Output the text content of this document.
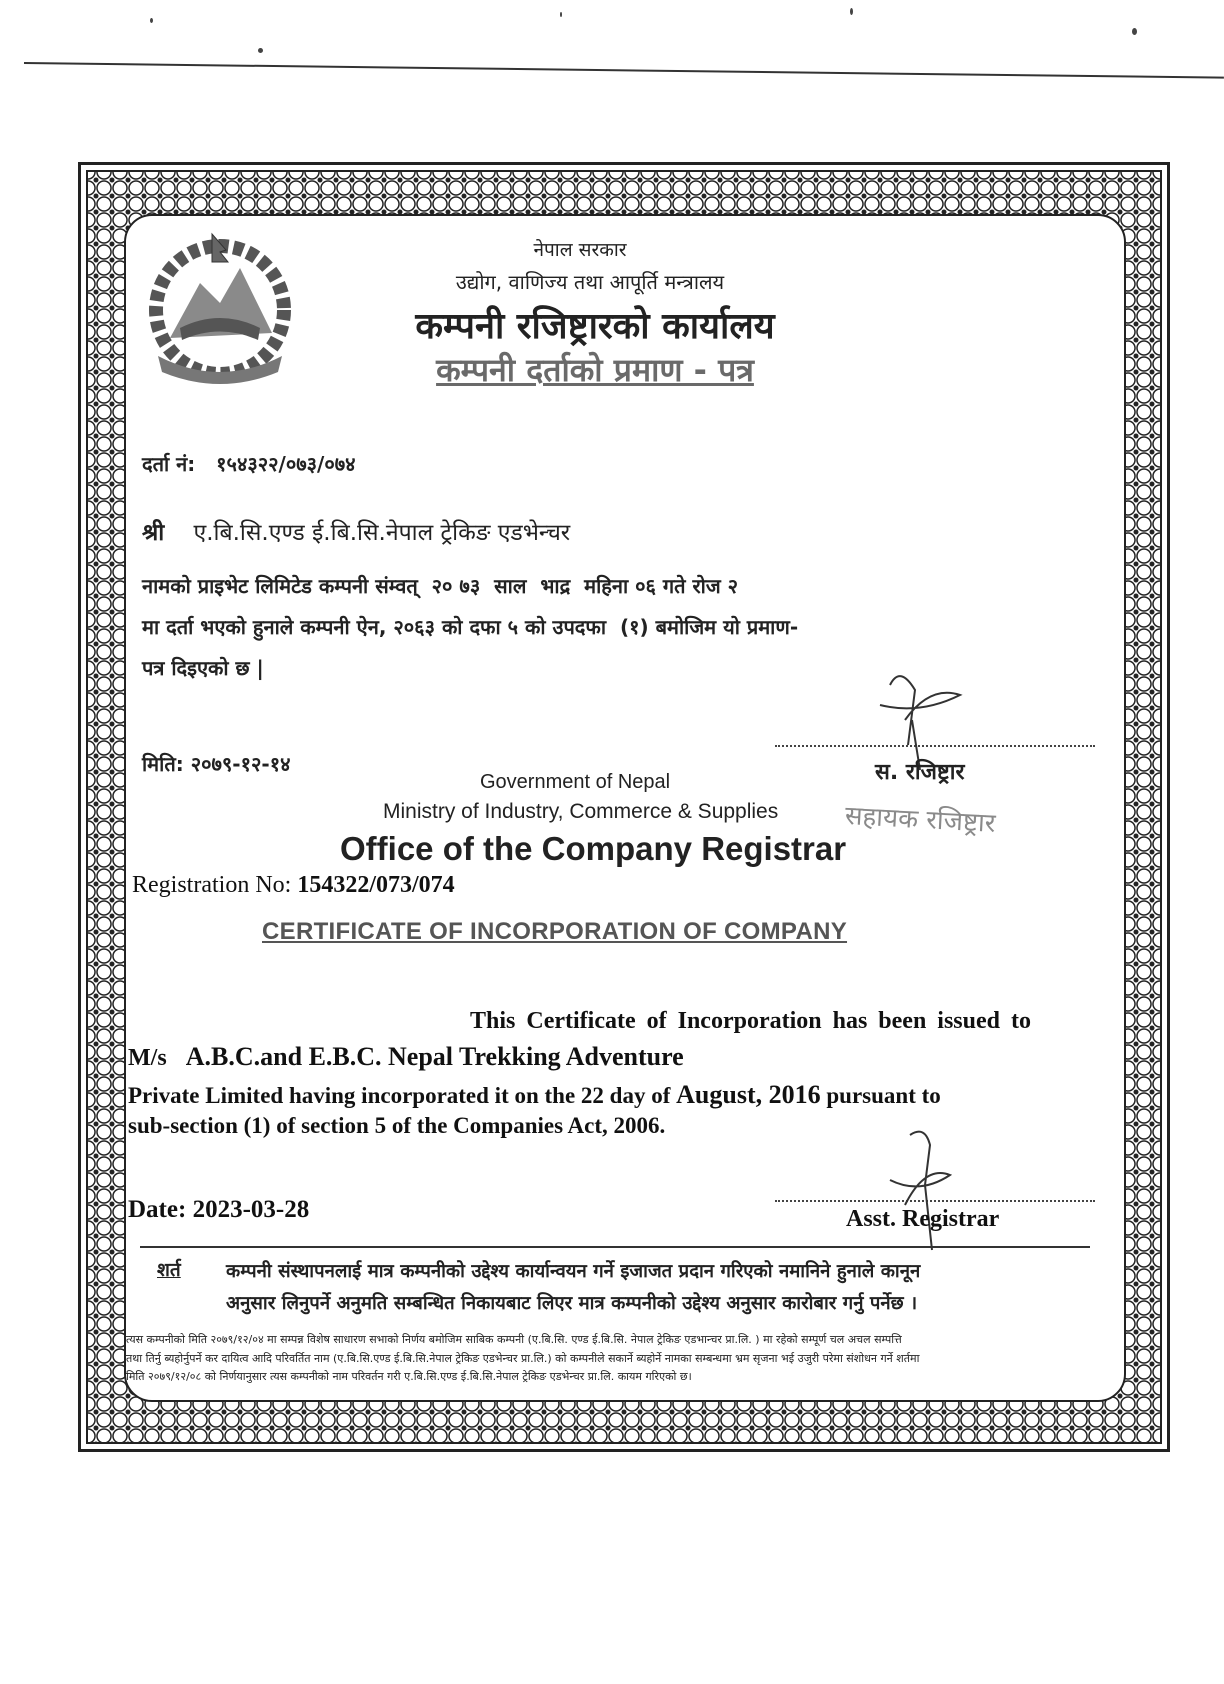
नेपाल सरकार
उद्योग, वाणिज्य तथा आपूर्ति मन्त्रालय
कम्पनी रजिष्ट्रारको कार्यालय
कम्पनी दर्ताको प्रमाण - पत्र
दर्ता नं: १५४३२२/०७३/०७४
श्री ए.बि.सि.एण्ड ई.बि.सि.नेपाल ट्रेकिङ एडभेन्चर
नामको प्राइभेट लिमिटेड कम्पनी संम्वत्  २० ७३  साल  भाद्र  महिना ०६ गते रोज २
मा दर्ता भएको हुनाले कम्पनी ऐन, २०६३ को दफा ५ को उपदफा  (१) बमोजिम यो प्रमाण-
पत्र दिइएको छ |
मिति: २०७९-१२-१४	स. रजिष्ट्रार
सहायक रजिष्ट्रार
Government of Nepal
Ministry of Industry, Commerce & Supplies
Office of the Company Registrar
Registration No: 154322/073/074
CERTIFICATE OF INCORPORATION OF COMPANY
This Certificate of Incorporation has been issued to
M/s A.B.C.and E.B.C. Nepal Trekking Adventure
Private Limited having incorporated it on the 22 day of August, 2016 pursuant to
sub-section (1) of section 5 of the Companies Act, 2006.
Date: 2023-03-28	Asst. Registrar
शर्त कम्पनी संस्थापनलाई मात्र कम्पनीको उद्देश्य कार्यान्वयन गर्ने इजाजत प्रदान गरिएको नमानिने हुनाले कानून
अनुसार लिनुपर्ने अनुमति सम्बन्धित निकायबाट लिएर मात्र कम्पनीको उद्देश्य अनुसार कारोबार गर्नु पर्नेछ ।
त्यस कम्पनीको मिति २०७९/१२/०४ मा सम्पन्न विशेष साधारण सभाको निर्णय बमोजिम साबिक कम्पनी (ए.बि.सि. एण्ड ई.बि.सि. नेपाल ट्रेकिङ एडभान्चर प्रा.लि. ) मा रहेको सम्पूर्ण चल अचल सम्पत्ति
तथा तिर्नु ब्यहोर्नुपर्ने कर दायित्व आदि परिवर्तित नाम (ए.बि.सि.एण्ड ई.बि.सि.नेपाल ट्रेकिङ एडभेन्चर प्रा.लि.) को कम्पनीले सकार्ने ब्यहोर्ने नामका सम्बन्धमा भ्रम सृजना भई उजुरी परेमा संशोधन गर्ने शर्तमा
मिति २०७९/१२/०८ को निर्णयानुसार त्यस कम्पनीको नाम परिवर्तन गरी ए.बि.सि.एण्ड ई.बि.सि.नेपाल ट्रेकिङ एडभेन्चर प्रा.लि. कायम गरिएको छ।
